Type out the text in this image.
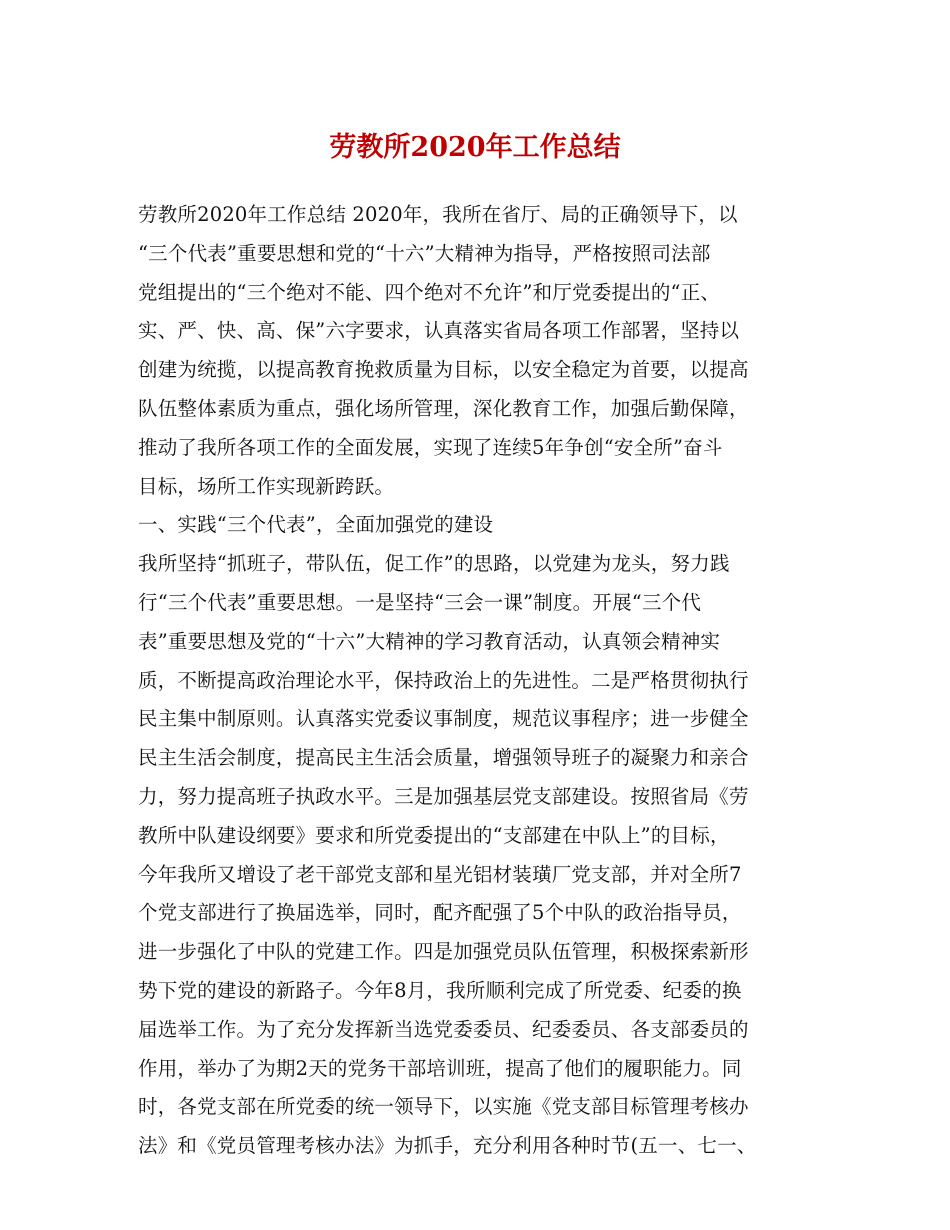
劳教所2020年工作总结
劳教所2020年工作总结 2020年，我所在省厅、局的正确领导下，以
“三个代表”重要思想和党的“十六”大精神为指导，严格按照司法部
党组提出的“三个绝对不能、四个绝对不允许”和厅党委提出的“正、
实、严、快、高、保”六字要求，认真落实省局各项工作部署，坚持以
创建为统揽，以提高教育挽救质量为目标，以安全稳定为首要，以提高
队伍整体素质为重点，强化场所管理，深化教育工作，加强后勤保障，
推动了我所各项工作的全面发展，实现了连续5年争创“安全所”奋斗
目标，场所工作实现新跨跃。
一、实践“三个代表”，全面加强党的建设
我所坚持“抓班子，带队伍，促工作”的思路，以党建为龙头，努力践
行“三个代表”重要思想。一是坚持“三会一课”制度。开展“三个代
表”重要思想及党的“十六”大精神的学习教育活动，认真领会精神实
质，不断提高政治理论水平，保持政治上的先进性。二是严格贯彻执行
民主集中制原则。认真落实党委议事制度，规范议事程序；进一步健全
民主生活会制度，提高民主生活会质量，增强领导班子的凝聚力和亲合
力，努力提高班子执政水平。三是加强基层党支部建设。按照省局《劳
教所中队建设纲要》要求和所党委提出的“支部建在中队上”的目标，
今年我所又增设了老干部党支部和星光铝材装璜厂党支部，并对全所7
个党支部进行了换届选举，同时，配齐配强了5个中队的政治指导员，
进一步强化了中队的党建工作。四是加强党员队伍管理，积极探索新形
势下党的建设的新路子。今年8月，我所顺利完成了所党委、纪委的换
届选举工作。为了充分发挥新当选党委委员、纪委委员、各支部委员的
作用，举办了为期2天的党务干部培训班，提高了他们的履职能力。同
时，各党支部在所党委的统一领导下，以实施《党支部目标管理考核办
法》和《党员管理考核办法》为抓手，充分利用各种时节(五一、七一、
